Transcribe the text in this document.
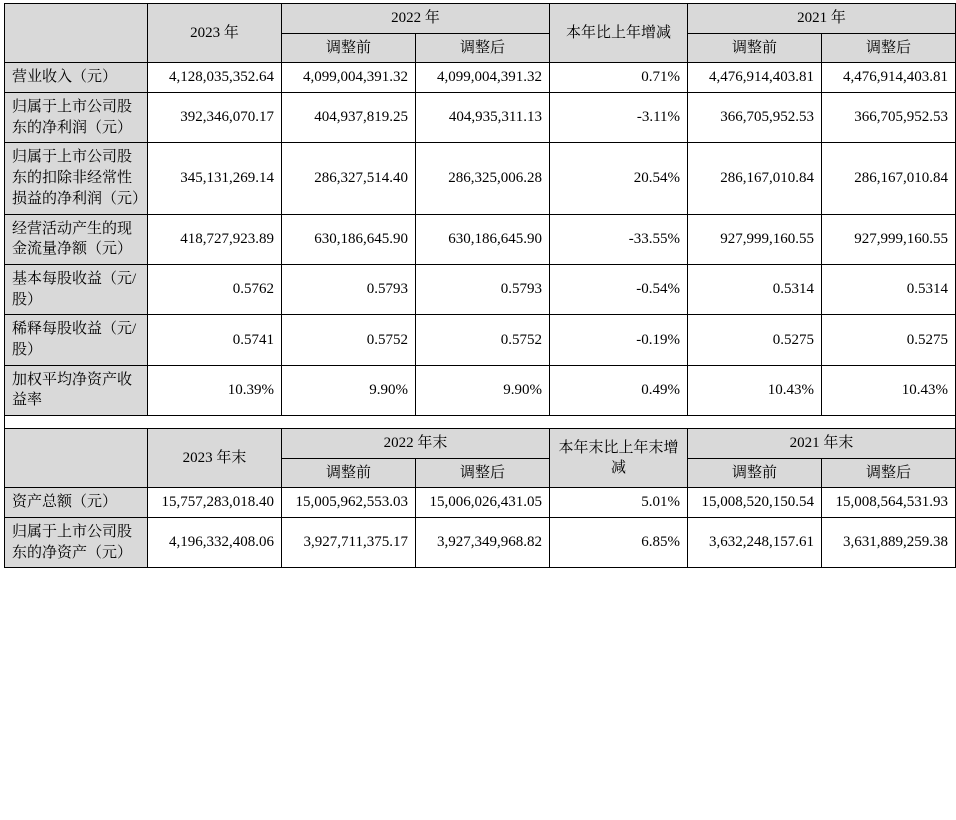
	2023 年	2022 年		本年比上年增减	2021 年	
		调整前	调整后		调整前	调整后
营业收入（元）	4,128,035,352.64	4,099,004,391.32	4,099,004,391.32	0.71%	4,476,914,403.81	4,476,914,403.81
归属于上市公司股东的净利润（元）	392,346,070.17	404,937,819.25	404,935,311.13	-3.11%	366,705,952.53	366,705,952.53
归属于上市公司股东的扣除非经常性损益的净利润（元）	345,131,269.14	286,327,514.40	286,325,006.28	20.54%	286,167,010.84	286,167,010.84
经营活动产生的现金流量净额（元）	418,727,923.89	630,186,645.90	630,186,645.90	-33.55%	927,999,160.55	927,999,160.55
基本每股收益（元/股）	0.5762	0.5793	0.5793	-0.54%	0.5314	0.5314
稀释每股收益（元/股）	0.5741	0.5752	0.5752	-0.19%	0.5275	0.5275
加权平均净资产收益率	10.39%	9.90%	9.90%	0.49%	10.43%	10.43%

	2023 年末	2022 年末		本年末比上年末增减	2021 年末	
		调整前	调整后		调整前	调整后
资产总额（元）	15,757,283,018.40	15,005,962,553.03	15,006,026,431.05	5.01%	15,008,520,150.54	15,008,564,531.93
归属于上市公司股东的净资产（元）	4,196,332,408.06	3,927,711,375.17	3,927,349,968.82	6.85%	3,632,248,157.61	3,631,889,259.38
